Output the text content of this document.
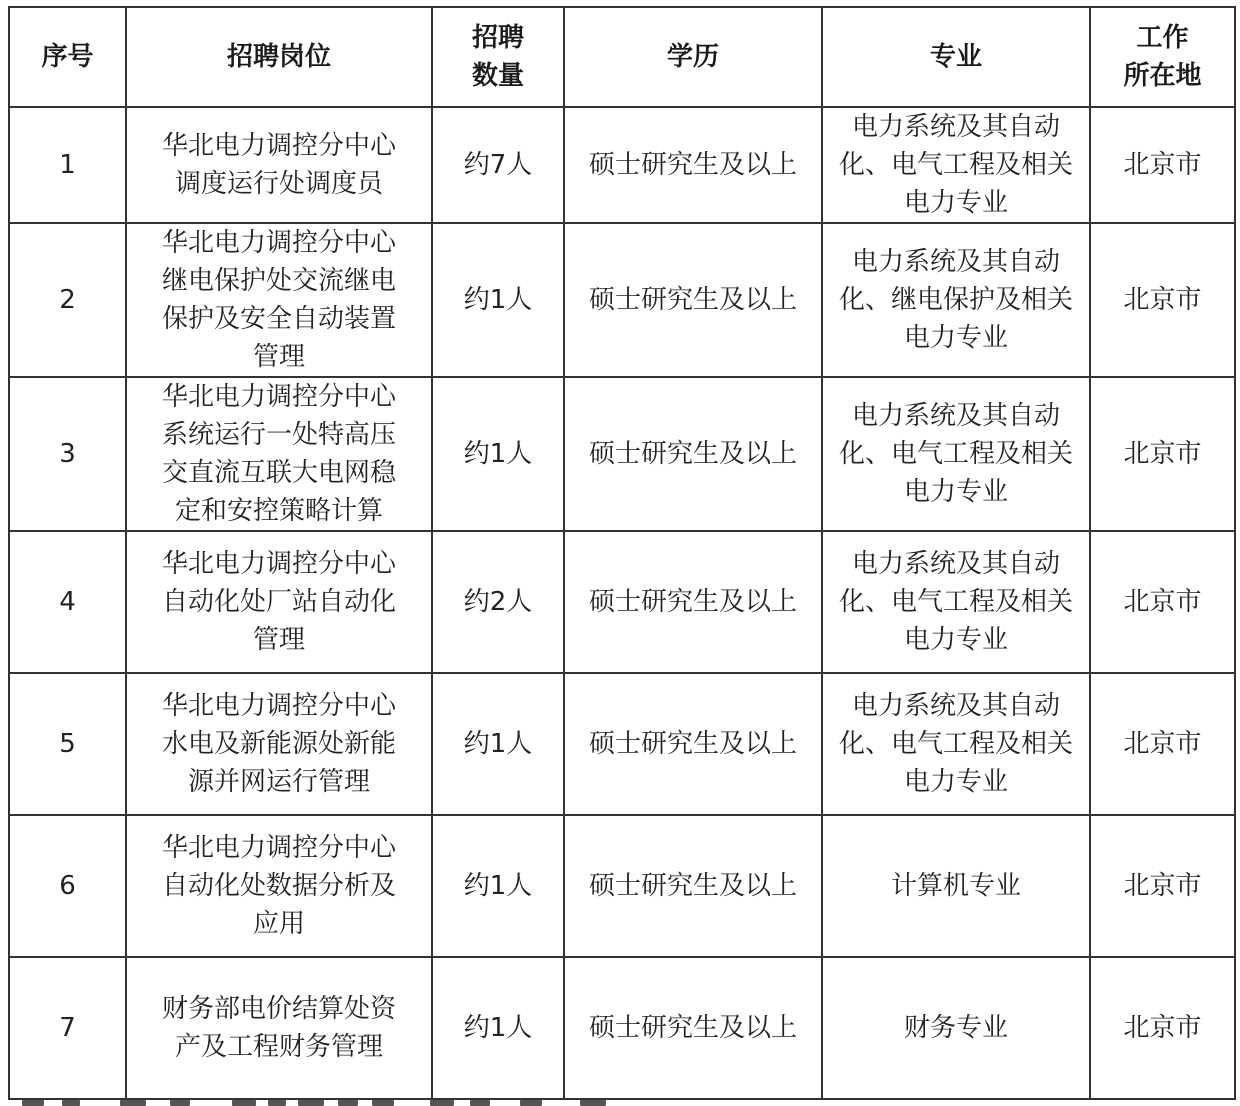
序号	招聘岗位	招聘
数量	学历	专业	工作
所在地
1	华北电力调控分中心
调度运行处调度员	约7人	硕士研究生及以上	电力系统及其自动
化、电气工程及相关
电力专业	北京市
2	华北电力调控分中心
继电保护处交流继电
保护及安全自动装置
管理	约1人	硕士研究生及以上	电力系统及其自动
化、继电保护及相关
电力专业	北京市
3	华北电力调控分中心
系统运行一处特高压
交直流互联大电网稳
定和安控策略计算	约1人	硕士研究生及以上	电力系统及其自动
化、电气工程及相关
电力专业	北京市
4	华北电力调控分中心
自动化处厂站自动化
管理	约2人	硕士研究生及以上	电力系统及其自动
化、电气工程及相关
电力专业	北京市
5	华北电力调控分中心
水电及新能源处新能
源并网运行管理	约1人	硕士研究生及以上	电力系统及其自动
化、电气工程及相关
电力专业	北京市
6	华北电力调控分中心
自动化处数据分析及
应用	约1人	硕士研究生及以上	计算机专业	北京市
7	财务部电价结算处资
产及工程财务管理	约1人	硕士研究生及以上	财务专业	北京市
